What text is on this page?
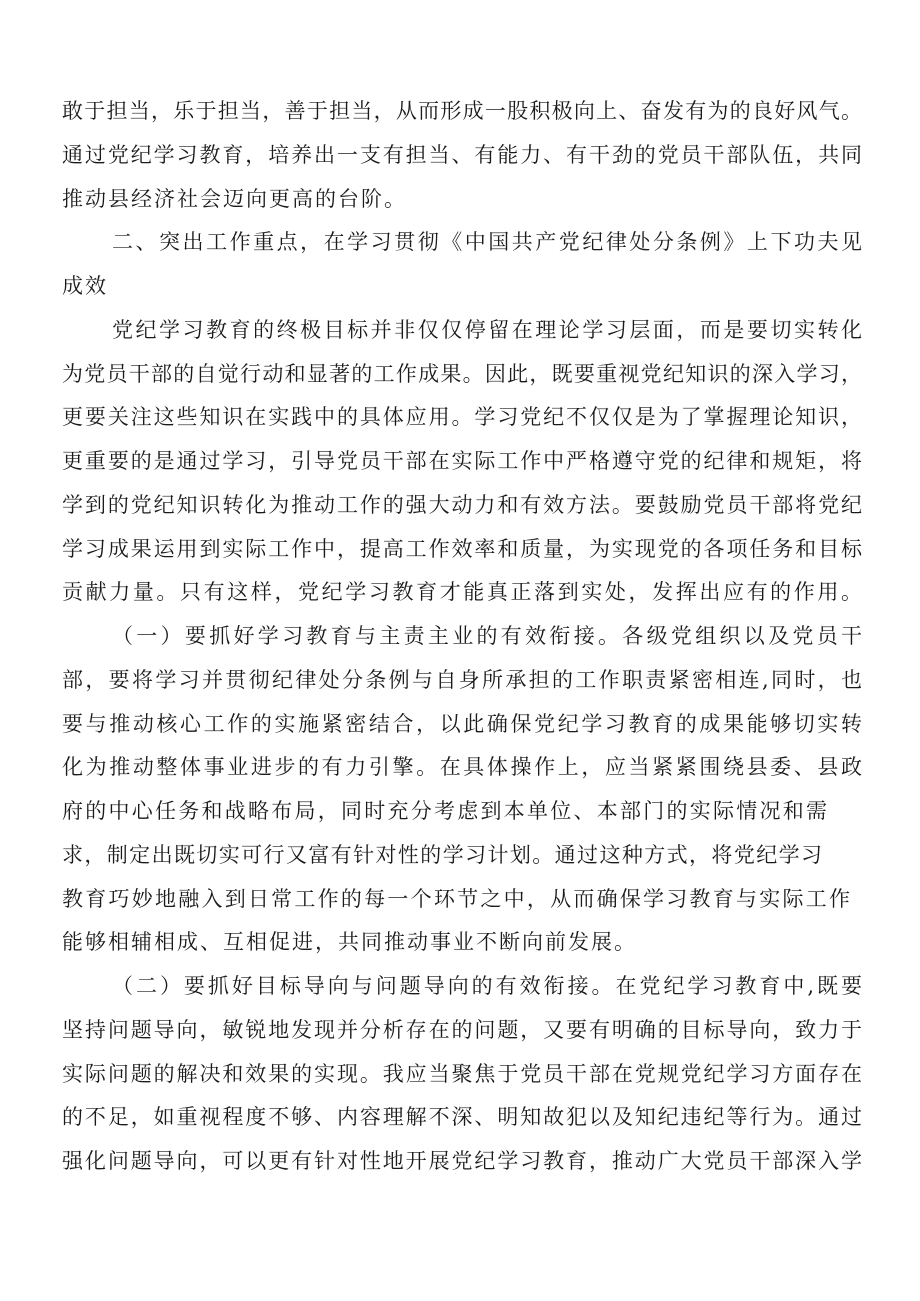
敢于担当，乐于担当，善于担当，从而形成一股积极向上、奋发有为的良好风气。
通过党纪学习教育，培养出一支有担当、有能力、有干劲的党员干部队伍，共同
推动县经济社会迈向更高的台阶。
二、突出工作重点，在学习贯彻《中国共产党纪律处分条例》上下功夫见
成效
党纪学习教育的终极目标并非仅仅停留在理论学习层面，而是要切实转化
为党员干部的自觉行动和显著的工作成果。因此，既要重视党纪知识的深入学习，
更要关注这些知识在实践中的具体应用。学习党纪不仅仅是为了掌握理论知识，
更重要的是通过学习，引导党员干部在实际工作中严格遵守党的纪律和规矩，将
学到的党纪知识转化为推动工作的强大动力和有效方法。要鼓励党员干部将党纪
学习成果运用到实际工作中，提高工作效率和质量，为实现党的各项任务和目标
贡献力量。只有这样，党纪学习教育才能真正落到实处，发挥出应有的作用。
（一）要抓好学习教育与主责主业的有效衔接。各级党组织以及党员干
部，要将学习并贯彻纪律处分条例与自身所承担的工作职责紧密相连,同时，也
要与推动核心工作的实施紧密结合，以此确保党纪学习教育的成果能够切实转
化为推动整体事业进步的有力引擎。在具体操作上，应当紧紧围绕县委、县政
府的中心任务和战略布局，同时充分考虑到本单位、本部门的实际情况和需
求，制定出既切实可行又富有针对性的学习计划。通过这种方式，将党纪学习
教育巧妙地融入到日常工作的每一个环节之中，从而确保学习教育与实际工作
能够相辅相成、互相促进，共同推动事业不断向前发展。
（二）要抓好目标导向与问题导向的有效衔接。在党纪学习教育中,既要
坚持问题导向，敏锐地发现并分析存在的问题，又要有明确的目标导向，致力于
实际问题的解决和效果的实现。我应当聚焦于党员干部在党规党纪学习方面存在
的不足，如重视程度不够、内容理解不深、明知故犯以及知纪违纪等行为。通过
强化问题导向，可以更有针对性地开展党纪学习教育，推动广大党员干部深入学
